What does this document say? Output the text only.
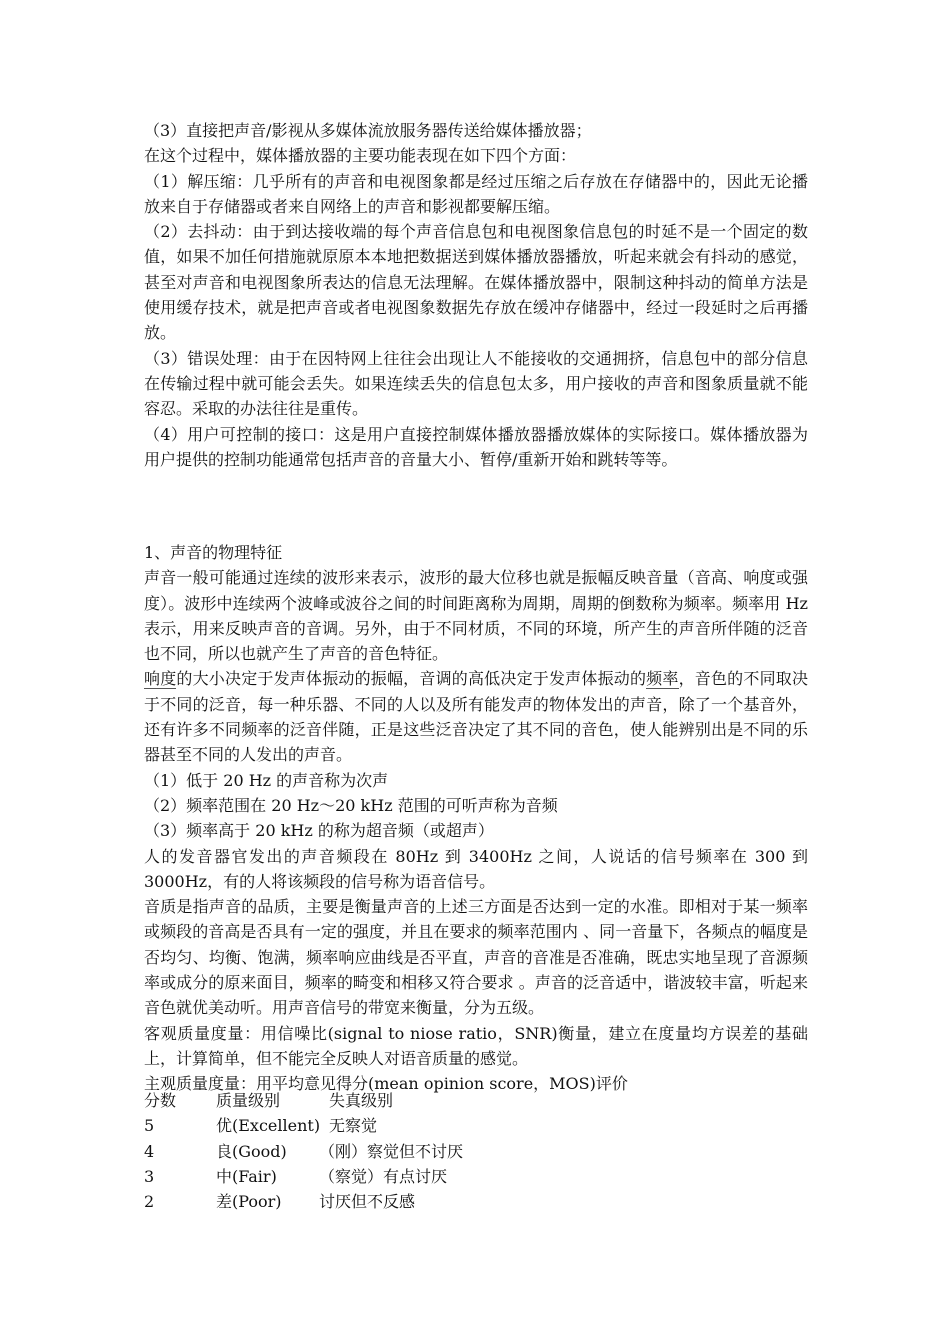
（3）直接把声音/影视从多媒体流放服务器传送给媒体播放器；

在这个过程中，媒体播放器的主要功能表现在如下四个方面：

（1）解压缩：几乎所有的声音和电视图象都是经过压缩之后存放在存储器中的，因此无论播放来自于存储器或者来自网络上的声音和影视都要解压缩。

（2）去抖动：由于到达接收端的每个声音信息包和电视图象信息包的时延不是一个固定的数值，如果不加任何措施就原原本本地把数据送到媒体播放器播放，听起来就会有抖动的感觉，甚至对声音和电视图象所表达的信息无法理解。在媒体播放器中，限制这种抖动的简单方法是使用缓存技术，就是把声音或者电视图象数据先存放在缓冲存储器中，经过一段延时之后再播放。

（3）错误处理：由于在因特网上往往会出现让人不能接收的交通拥挤，信息包中的部分信息在传输过程中就可能会丢失。如果连续丢失的信息包太多，用户接收的声音和图象质量就不能容忍。采取的办法往往是重传。

（4）用户可控制的接口：这是用户直接控制媒体播放器播放媒体的实际接口。媒体播放器为用户提供的控制功能通常包括声音的音量大小、暂停/重新开始和跳转等等。

1、声音的物理特征

声音一般可能通过连续的波形来表示，波形的最大位移也就是振幅反映音量（音高、响度或强度）。波形中连续两个波峰或波谷之间的时间距离称为周期，周期的倒数称为频率。频率用 Hz 表示，用来反映声音的音调。另外，由于不同材质，不同的环境，所产生的声音所伴随的泛音也不同，所以也就产生了声音的音色特征。

响度的大小决定于发声体振动的振幅，音调的高低决定于发声体振动的频率，音色的不同取决于不同的泛音，每一种乐器、不同的人以及所有能发声的物体发出的声音，除了一个基音外，还有许多不同频率的泛音伴随，正是这些泛音决定了其不同的音色，使人能辨别出是不同的乐器甚至不同的人发出的声音。

（1）低于 20 Hz 的声音称为次声

（2）频率范围在 20 Hz～20 kHz 范围的可听声称为音频

（3）频率高于 20 kHz 的称为超音频（或超声）

人的发音器官发出的声音频段在 80Hz 到 3400Hz 之间，人说话的信号频率在 300 到 3000Hz，有的人将该频段的信号称为语音信号。

音质是指声音的品质，主要是衡量声音的上述三方面是否达到一定的水准。即相对于某一频率或频段的音高是否具有一定的强度，并且在要求的频率范围内 、同一音量下，各频点的幅度是否均匀、均衡、饱满，频率响应曲线是否平直，声音的音准是否准确，既忠实地呈现了音源频率或成分的原来面目，频率的畸变和相移又符合要求 。声音的泛音适中，谐波较丰富，听起来音色就优美动听。用声音信号的带宽来衡量，分为五级。

客观质量度量：用信噪比(signal to niose ratio，SNR)衡量，建立在度量均方误差的基础上，计算简单，但不能完全反映人对语音质量的感觉。

主观质量度量：用平均意见得分(mean opinion score，MOS)评价

分数 质量级别	失真级别
5	优(Excellent) 无察觉
4	良(Good) （刚）察觉但不讨厌
3	中(Fair)	（察觉）有点讨厌
2	差(Poor) 讨厌但不反感
